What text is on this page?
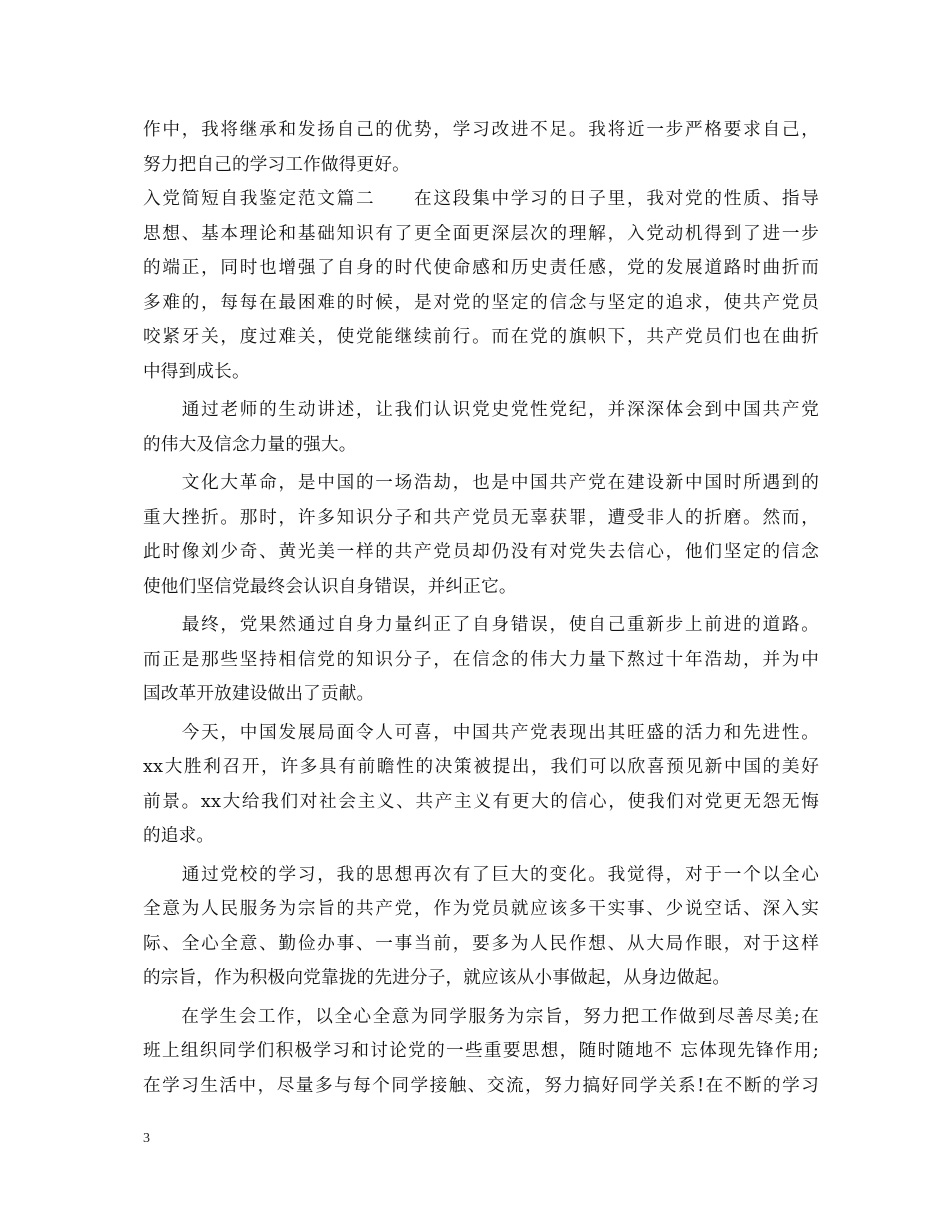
作中，我将继承和发扬自己的优势，学习改进不足。我将近一步严格要求自己，
努力把自己的学习工作做得更好。
入党简短自我鉴定范文篇二　　在这段集中学习的日子里，我对党的性质、指导
思想、基本理论和基础知识有了更全面更深层次的理解，入党动机得到了进一步
的端正，同时也增强了自身的时代使命感和历史责任感，党的发展道路时曲折而
多难的，每每在最困难的时候，是对党的坚定的信念与坚定的追求，使共产党员
咬紧牙关，度过难关，使党能继续前行。而在党的旗帜下，共产党员们也在曲折
中得到成长。
　　通过老师的生动讲述，让我们认识党史党性党纪，并深深体会到中国共产党
的伟大及信念力量的强大。
　　文化大革命，是中国的一场浩劫，也是中国共产党在建设新中国时所遇到的
重大挫折。那时，许多知识分子和共产党员无辜获罪，遭受非人的折磨。然而，
此时像刘少奇、黄光美一样的共产党员却仍没有对党失去信心，他们坚定的信念
使他们坚信党最终会认识自身错误，并纠正它。
　　最终，党果然通过自身力量纠正了自身错误，使自己重新步上前进的道路。
而正是那些坚持相信党的知识分子，在信念的伟大力量下熬过十年浩劫，并为中
国改革开放建设做出了贡献。
　　今天，中国发展局面令人可喜，中国共产党表现出其旺盛的活力和先进性。
xx大胜利召开，许多具有前瞻性的决策被提出，我们可以欣喜预见新中国的美好
前景。xx大给我们对社会主义、共产主义有更大的信心，使我们对党更无怨无悔
的追求。
　　通过党校的学习，我的思想再次有了巨大的变化。我觉得，对于一个以全心
全意为人民服务为宗旨的共产党，作为党员就应该多干实事、少说空话、深入实
际、全心全意、勤俭办事、一事当前，要多为人民作想、从大局作眼，对于这样
的宗旨，作为积极向党靠拢的先进分子，就应该从小事做起，从身边做起。
　　在学生会工作，以全心全意为同学服务为宗旨，努力把工作做到尽善尽美;在
班上组织同学们积极学习和讨论党的一些重要思想，随时随地不 忘体现先锋作用;
在学习生活中，尽量多与每个同学接触、交流，努力搞好同学关系!在不断的学习
3
